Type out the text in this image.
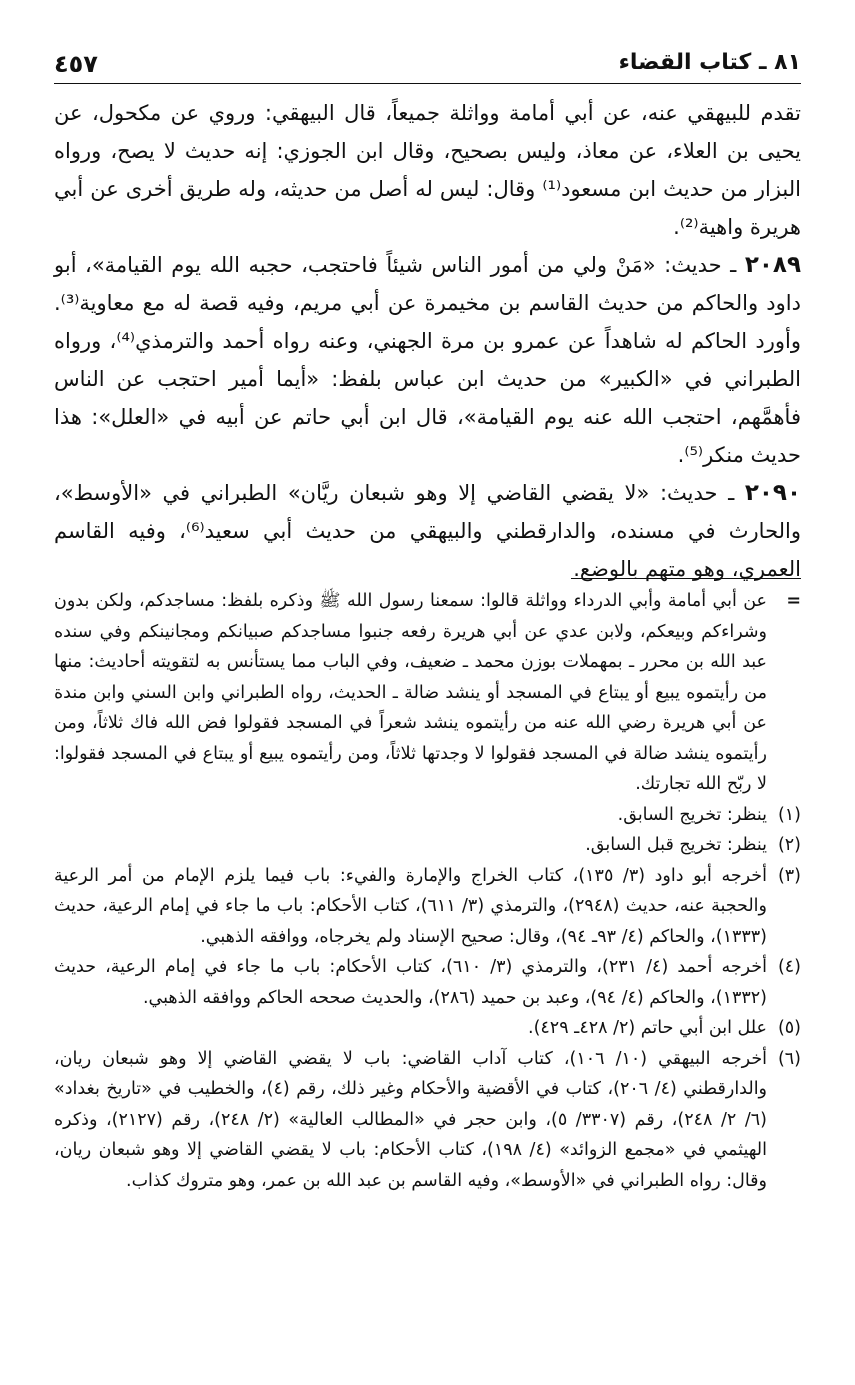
٤٥٧	٨١ ـ كتاب القضاء

تقدم للبيهقي عنه، عن أبي أمامة وواثلة جميعاً، قال البيهقي: وروي عن مكحول، عن يحيى بن العلاء، عن معاذ، وليس بصحيح، وقال ابن الجوزي: إنه حديث لا يصح، ورواه البزار من حديث ابن مسعود⁽¹⁾ وقال: ليس له أصل من حديثه، وله طريق أخرى عن أبي هريرة واهية⁽²⁾.

٢٠٨٩ ـ حديث: «مَنْ ولي من أمور الناس شيئاً فاحتجب، حجبه الله يوم القيامة»، أبو داود والحاكم من حديث القاسم بن مخيمرة عن أبي مريم، وفيه قصة له مع معاوية⁽³⁾. وأورد الحاكم له شاهداً عن عمرو بن مرة الجهني، وعنه رواه أحمد والترمذي⁽⁴⁾، ورواه الطبراني في «الكبير» من حديث ابن عباس بلفظ: «أيما أمير احتجب عن الناس فأهمَّهم، احتجب الله عنه يوم القيامة»، قال ابن أبي حاتم عن أبيه في «العلل»: هذا حديث منكر⁽⁵⁾.

٢٠٩٠ ـ حديث: «لا يقضي القاضي إلا وهو شبعان ريَّان» الطبراني في «الأوسط»، والحارث في مسنده، والدارقطني والبيهقي من حديث أبي سعيد⁽⁶⁾، وفيه القاسم العمري، وهو متهم بالوضع.

=
عن أبي أمامة وأبي الدرداء وواثلة قالوا: سمعنا رسول الله ﷺ وذكره بلفظ: مساجدكم، ولكن بدون وشراءكم وبيعكم، ولابن عدي عن أبي هريرة رفعه جنبوا مساجدكم صبيانكم ومجانينكم وفي سنده عبد الله بن محرر ـ بمهملات بوزن محمد ـ ضعيف، وفي الباب مما يستأنس به لتقويته أحاديث: منها من رأيتموه يبيع أو يبتاع في المسجد أو ينشد ضالة ـ الحديث، رواه الطبراني وابن السني وابن مندة عن أبي هريرة رضي الله عنه من رأيتموه ينشد شعراً في المسجد فقولوا فض الله فاك ثلاثاً، ومن رأيتموه ينشد ضالة في المسجد فقولوا لا وجدتها ثلاثاً، ومن رأيتموه يبيع أو يبتاع في المسجد فقولوا: لا ربّح الله تجارتك.

(١)
ينظر: تخريج السابق.

(٢)
ينظر: تخريج قبل السابق.

(٣)
أخرجه أبو داود (٣/ ١٣٥)، كتاب الخراج والإمارة والفيء: باب فيما يلزم الإمام من أمر الرعية والحجبة عنه، حديث (٢٩٤٨)، والترمذي (٣/ ٦١١)، كتاب الأحكام: باب ما جاء في إمام الرعية، حديث (١٣٣٣)، والحاكم (٤/ ٩٣ـ ٩٤)، وقال: صحيح الإسناد ولم يخرجاه، ووافقه الذهبي.

(٤)
أخرجه أحمد (٤/ ٢٣١)، والترمذي (٣/ ٦١٠)، كتاب الأحكام: باب ما جاء في إمام الرعية، حديث (١٣٣٢)، والحاكم (٤/ ٩٤)، وعبد بن حميد (٢٨٦)، والحديث صححه الحاكم ووافقه الذهبي.

(٥)
علل ابن أبي حاتم (٢/ ٤٢٨ـ ٤٢٩).

(٦)
أخرجه البيهقي (١٠/ ١٠٦)، كتاب آداب القاضي: باب لا يقضي القاضي إلا وهو شبعان ريان، والدارقطني (٤/ ٢٠٦)، كتاب في الأقضية والأحكام وغير ذلك، رقم (٤)، والخطيب في «تاريخ بغداد» (٦/ ٢/ ٢٤٨)، رقم (٣٣٠٧/ ٥)، وابن حجر في «المطالب العالية» (٢/ ٢٤٨)، رقم (٢١٢٧)، وذكره الهيثمي في «مجمع الزوائد» (٤/ ١٩٨)، كتاب الأحكام: باب لا يقضي القاضي إلا وهو شبعان ريان، وقال: رواه الطبراني في «الأوسط»، وفيه القاسم بن عبد الله بن عمر، وهو متروك كذاب.
